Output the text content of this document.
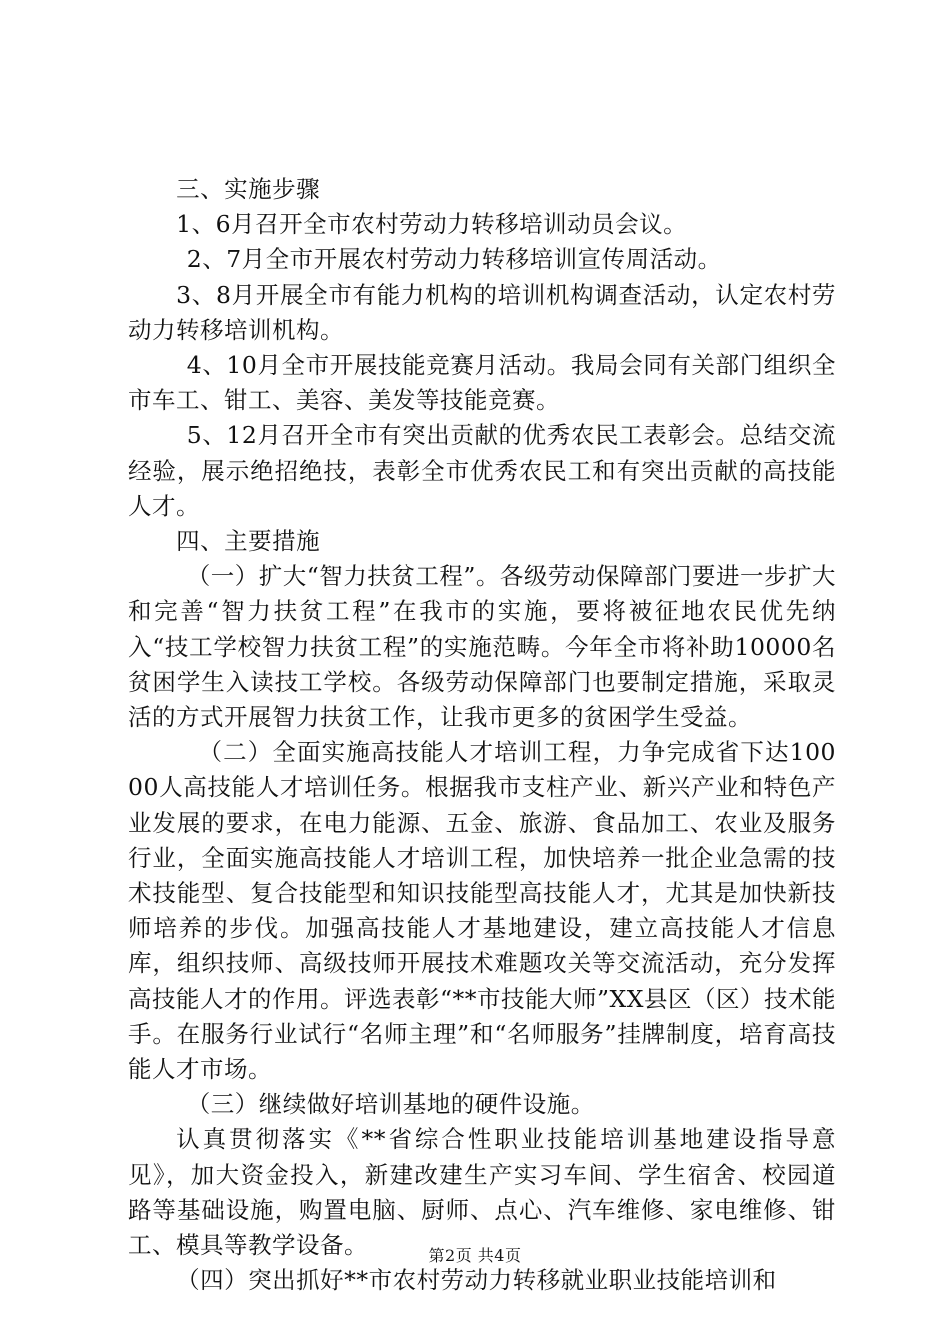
三、实施步骤

1、6月召开全市农村劳动力转移培训动员会议。

2、7月全市开展农村劳动力转移培训宣传周活动。

3、8月开展全市有能力机构的培训机构调查活动，认定农村劳动力转移培训机构。

4、10月全市开展技能竞赛月活动。我局会同有关部门组织全市车工、钳工、美容、美发等技能竞赛。

5、12月召开全市有突出贡献的优秀农民工表彰会。总结交流经验，展示绝招绝技，表彰全市优秀农民工和有突出贡献的高技能人才。

四、主要措施

（一）扩大“智力扶贫工程”。各级劳动保障部门要进一步扩大和完善“智力扶贫工程”在我市的实施，要将被征地农民优先纳入“技工学校智力扶贫工程”的实施范畴。今年全市将补助10000名贫困学生入读技工学校。各级劳动保障部门也要制定措施，采取灵活的方式开展智力扶贫工作，让我市更多的贫困学生受益。

（二）全面实施高技能人才培训工程，力争完成省下达10000人高技能人才培训任务。根据我市支柱产业、新兴产业和特色产业发展的要求，在电力能源、五金、旅游、食品加工、农业及服务行业，全面实施高技能人才培训工程，加快培养一批企业急需的技术技能型、复合技能型和知识技能型高技能人才，尤其是加快新技师培养的步伐。加强高技能人才基地建设，建立高技能人才信息库，组织技师、高级技师开展技术难题攻关等交流活动，充分发挥高技能人才的作用。评选表彰“**市技能大师”XX县区（区）技术能手。在服务行业试行“名师主理”和“名师服务”挂牌制度，培育高技能人才市场。

（三）继续做好培训基地的硬件设施。

认真贯彻落实《**省综合性职业技能培训基地建设指导意见》，加大资金投入，新建改建生产实习车间、学生宿舍、校园道路等基础设施，购置电脑、厨师、点心、汽车维修、家电维修、钳工、模具等教学设备。

（四）突出抓好**市农村劳动力转移就业职业技能培训和

第2页 共4页
